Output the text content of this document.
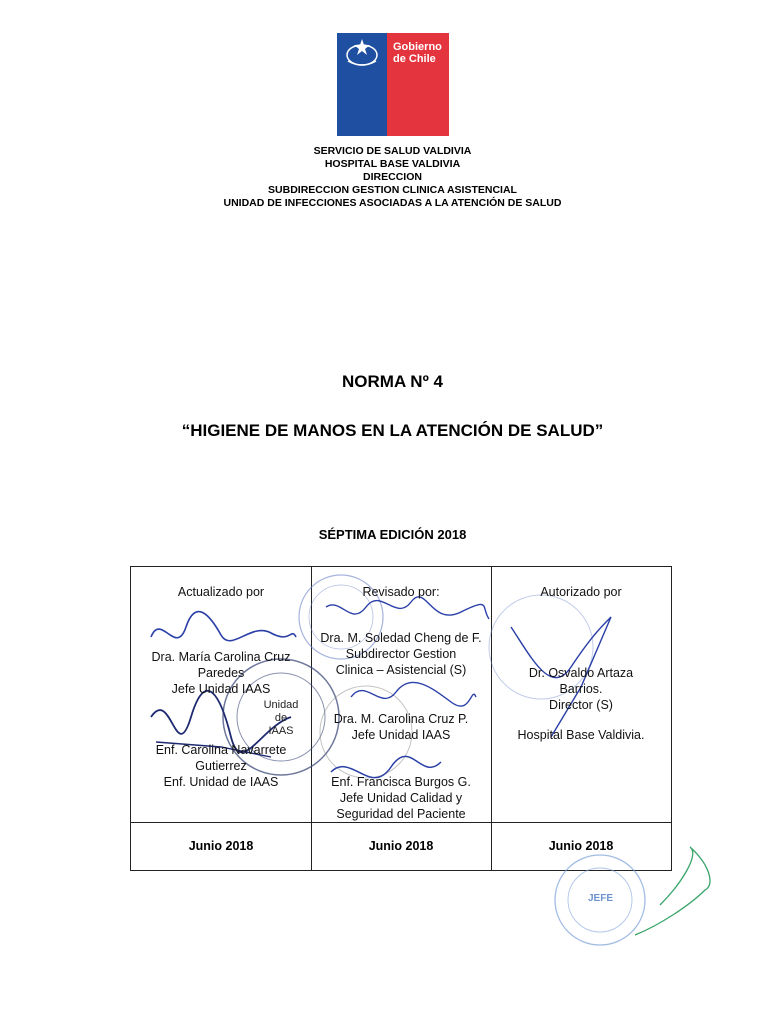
Gobierno
de Chile
SERVICIO DE SALUD VALDIVIA
HOSPITAL BASE VALDIVIA
DIRECCION
SUBDIRECCION GESTION CLINICA ASISTENCIAL
UNIDAD DE INFECCIONES ASOCIADAS A LA ATENCIÓN DE SALUD
NORMA Nº 4
“HIGIENE DE MANOS EN LA ATENCIÓN DE SALUD”
SÉPTIMA EDICIÓN 2018
Actualizado por
Dra. María Carolina Cruz
Paredes
Jefe Unidad IAAS
Enf. Carolina Navarrete
Gutierrez
Enf. Unidad de IAAS
Unidad
de
IAAS
Revisado por:
Dra. M. Soledad Cheng de F.
Subdirector Gestion
Clinica – Asistencial (S)
Dra. M. Carolina Cruz P.
Jefe Unidad IAAS
Enf. Francisca Burgos G.
Jefe Unidad Calidad y
Seguridad del Paciente
Autorizado por
Dr. Osvaldo Artaza
Barrios.
Director (S)
Hospital Base Valdivia.
Junio 2018	Junio 2018	Junio 2018
JEFE
